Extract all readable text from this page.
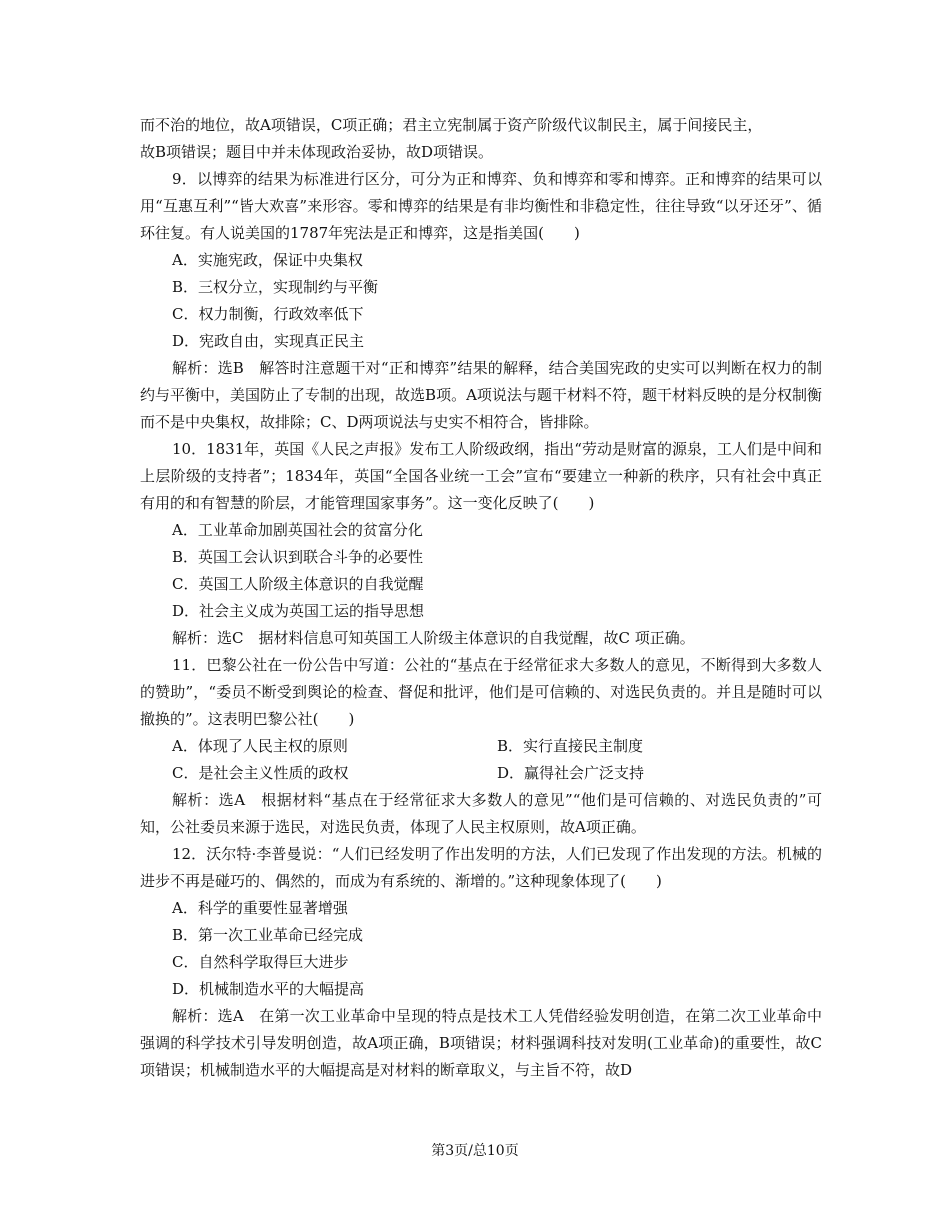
而不治的地位，故A项错误，C项正确；君主立宪制属于资产阶级代议制民主，属于间接民主，

故B项错误；题目中并未体现政治妥协，故D项错误。

9．以博弈的结果为标准进行区分，可分为正和博弈、负和博弈和零和博弈。正和博弈的结果可以用“互惠互利”“皆大欢喜”来形容。零和博弈的结果是有非均衡性和非稳定性，往往导致“以牙还牙”、循环往复。有人说美国的1787年宪法是正和博弈，这是指美国(　　)

A．实施宪政，保证中央集权

B．三权分立，实现制约与平衡

C．权力制衡，行政效率低下

D．宪政自由，实现真正民主

解析：选B　解答时注意题干对“正和博弈”结果的解释，结合美国宪政的史实可以判断在权力的制约与平衡中，美国防止了专制的出现，故选B项。A项说法与题干材料不符，题干材料反映的是分权制衡而不是中央集权，故排除；C、D两项说法与史实不相符合，皆排除。

10．1831年，英国《人民之声报》发布工人阶级政纲，指出“劳动是财富的源泉，工人们是中间和上层阶级的支持者”；1834年，英国“全国各业统一工会”宣布“要建立一种新的秩序，只有社会中真正有用的和有智慧的阶层，才能管理国家事务”。这一变化反映了(　　)

A．工业革命加剧英国社会的贫富分化

B．英国工会认识到联合斗争的必要性

C．英国工人阶级主体意识的自我觉醒

D．社会主义成为英国工运的指导思想

解析：选C　据材料信息可知英国工人阶级主体意识的自我觉醒，故C 项正确。

11．巴黎公社在一份公告中写道：公社的“基点在于经常征求大多数人的意见，不断得到大多数人的赞助”，“委员不断受到舆论的检查、督促和批评，他们是可信赖的、对选民负责的。并且是随时可以撤换的”。这表明巴黎公社(　　)

A．体现了人民主权的原则	B．实行直接民主制度
C．是社会主义性质的政权	D．赢得社会广泛支持

解析：选A　根据材料“基点在于经常征求大多数人的意见”“他们是可信赖的、对选民负责的”可知，公社委员来源于选民，对选民负责，体现了人民主权原则，故A项正确。

12．沃尔特·李普曼说：“人们已经发明了作出发明的方法，人们已发现了作出发现的方法。机械的进步不再是碰巧的、偶然的，而成为有系统的、渐增的。”这种现象体现了(　　)

A．科学的重要性显著增强

B．第一次工业革命已经完成

C．自然科学取得巨大进步

D．机械制造水平的大幅提高

解析：选A　在第一次工业革命中呈现的特点是技术工人凭借经验发明创造，在第二次工业革命中强调的科学技术引导发明创造，故A项正确，B项错误；材料强调科技对发明(工业革命)的重要性，故C项错误；机械制造水平的大幅提高是对材料的断章取义，与主旨不符，故D

第3页/总10页
